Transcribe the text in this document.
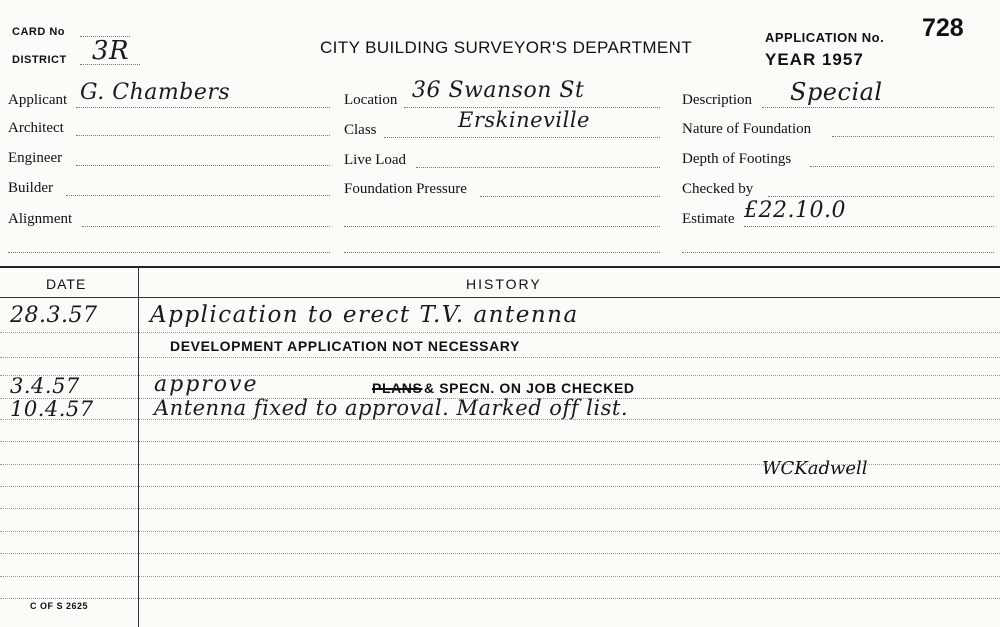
CARD No
DISTRICT 3R	CITY BUILDING SURVEYOR'S DEPARTMENT
APPLICATION No. 728
YEAR 1957
Applicant G. Chambers
Architect
Engineer
Builder
Alignment
Location 36 Swanson St
Class	Erskineville
Live Load
Foundation Pressure
Description Special
Nature of Foundation
Depth of Footings
Checked by
Estimate £22.10.0
DATE	HISTORY
28.3.57 Application to erect T.V. antenna
DEVELOPMENT APPLICATION NOT NECESSARY
3.4.57	approve	PLANS & SPECN. ON JOB CHECKED
10.4.57	Antenna fixed to approval. Marked off list.
WCKadwell
C OF S 2625
